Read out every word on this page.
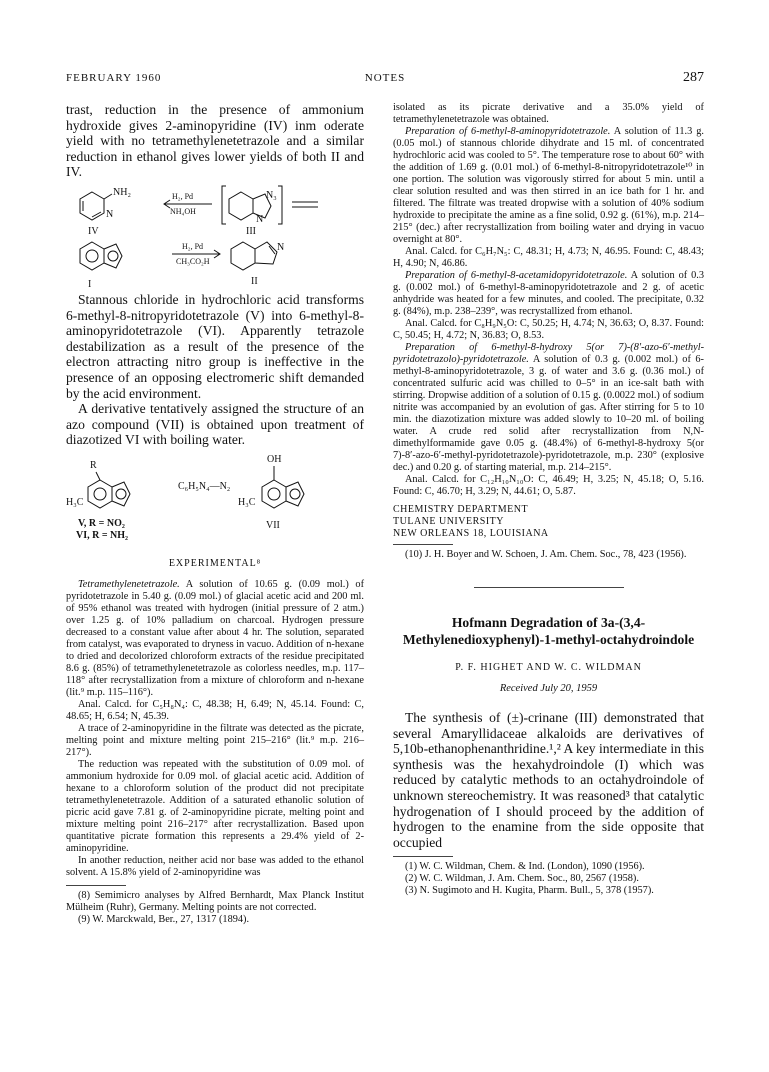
FEBRUARY 1960	NOTES	287

trast, reduction in the presence of ammonium hydroxide gives 2-aminopyridine (IV) inm oderate yield with no tetramethylenetetrazole and a similar reduction in ethanol gives lower yields of both II and IV.

NH₂
N
H₂, Pd
NH₄OH
N₃
N
IV	III
H₂, Pd
CH₃CO₂H
I	II
N

Stannous chloride in hydrochloric acid transforms 6-methyl-8-nitropyridotetrazole (V) into 6-methyl-8-aminopyridotetrazole (VI). Apparently tetrazole destabilization as a result of the presence of the electron attracting nitro group is ineffective in the presence of an opposing electromeric shift demanded by the acid environment.

A derivative tentatively assigned the structure of an azo compound (VII) is obtained upon treatment of diazotized VI with boiling water.

R
H₃C
OH
C₆H₅N₄—N₂
H₃C
V, R = NO₂
VI, R = NH₂
VII
EXPERIMENTAL⁸

Tetramethylenetetrazole. A solution of 10.65 g. (0.09 mol.) of pyridotetrazole in 5.40 g. (0.09 mol.) of glacial acetic acid and 200 ml. of 95% ethanol was treated with hydrogen (initial pressure of 2 atm.) over 1.25 g. of 10% palladium on charcoal. Hydrogen pressure decreased to a constant value after about 4 hr. The solution, separated from catalyst, was evaporated to dryness in vacuo. Addition of n-hexane to dried and decolorized chloroform extracts of the residue precipitated 8.6 g. (85%) of tetramethylenetetrazole as colorless needles, m.p. 117–118° after recrystallization from a mixture of chloroform and n-hexane (lit.⁹ m.p. 115–116°).

Anal. Calcd. for C₅H₈N₄: C, 48.38; H, 6.49; N, 45.14. Found: C, 48.65; H, 6.54; N, 45.39.

A trace of 2-aminopyridine in the filtrate was detected as the picrate, melting point and mixture melting point 215–216° (lit.⁹ m.p. 216–217°).

The reduction was repeated with the substitution of 0.09 mol. of ammonium hydroxide for 0.09 mol. of glacial acetic acid. Addition of hexane to a chloroform solution of the product did not precipitate tetramethylenetetrazole. Addition of a saturated ethanolic solution of picric acid gave 7.81 g. of 2-aminopyridine picrate, melting point and mixture melting point 216–217° after recrystallization. Based upon quantitative picrate formation this represents a 29.4% yield of 2-aminopyridine.

In another reduction, neither acid nor base was added to the ethanol solvent. A 15.8% yield of 2-aminopyridine was

(8) Semimicro analyses by Alfred Bernhardt, Max Planck Institut Mülheim (Ruhr), Germany. Melting points are not corrected.

(9) W. Marckwald, Ber., 27, 1317 (1894).

isolated as its picrate derivative and a 35.0% yield of tetramethylenetetrazole was obtained.

Preparation of 6-methyl-8-aminopyridotetrazole. A solution of 11.3 g. (0.05 mol.) of stannous chloride dihydrate and 15 ml. of concentrated hydrochloric acid was cooled to 5°. The temperature rose to about 60° with the addition of 1.69 g. (0.01 mol.) of 6-methyl-8-nitropyridotetrazole¹⁰ in one portion. The solution was vigorously stirred for about 5 min. until a clear solution resulted and was then stirred in an ice bath for 1 hr. and filtered. The filtrate was treated dropwise with a solution of 40% sodium hydroxide to precipitate the amine as a fine solid, 0.92 g. (61%), m.p. 214–215° (dec.) after recrystallization from boiling water and drying in vacuo overnight at 80°.

Anal. Calcd. for C₆H₇N₅: C, 48.31; H, 4.73; N, 46.95. Found: C, 48.43; H, 4.90; N, 46.86.

Preparation of 6-methyl-8-acetamidopyridotetrazole. A solution of 0.3 g. (0.002 mol.) of 6-methyl-8-aminopyridotetrazole and 2 g. of acetic anhydride was heated for a few minutes, and cooled. The precipitate, 0.32 g. (84%), m.p. 238–239°, was recrystallized from ethanol.

Anal. Calcd. for C₈H₉N₅O: C, 50.25; H, 4.74; N, 36.63; O, 8.37. Found: C, 50.45; H, 4.72; N, 36.83; O, 8.53.

Preparation of 6-methyl-8-hydroxy 5(or 7)-(8′-azo-6′-methyl-pyridotetrazolo)-pyridotetrazole. A solution of 0.3 g. (0.002 mol.) of 6-methyl-8-aminopyridotetrazole, 3 g. of water and 3.6 g. (0.36 mol.) of concentrated sulfuric acid was chilled to 0–5° in an ice-salt bath with stirring. Dropwise addition of a solution of 0.15 g. (0.0022 mol.) of sodium nitrite was accompanied by an evolution of gas. After stirring for 5 to 10 min. the diazotization mixture was added slowly to 10–20 ml. of boiling water. A crude red solid after recrystallization from N,N-dimethylformamide gave 0.05 g. (48.4%) of 6-methyl-8-hydroxy 5(or 7)-8′-azo-6′-methyl-pyridotetrazole)-pyridotetrazole, m.p. 230° (explosive dec.) and 0.20 g. of starting material, m.p. 214–215°.

Anal. Calcd. for C₁₂H₁₀N₁₀O: C, 46.49; H, 3.25; N, 45.18; O, 5.16. Found: C, 46.70; H, 3.29; N, 44.61; O, 5.87.

CHEMISTRY DEPARTMENT
TULANE UNIVERSITY
NEW ORLEANS 18, LOUISIANA

(10) J. H. Boyer and W. Schoen, J. Am. Chem. Soc., 78, 423 (1956).

Hofmann Degradation of 3a-(3,4-Methylenedioxyphenyl)-1-methyl-octahydroindole
P. F. HIGHET AND W. C. WILDMAN
Received July 20, 1959

The synthesis of (±)-crinane (III) demonstrated that several Amaryllidaceae alkaloids are derivatives of 5,10b-ethanophenanthridine.¹,² A key intermediate in this synthesis was the hexahydroindole (I) which was reduced by catalytic methods to an octahydroindole of unknown stereochemistry. It was reasoned³ that catalytic hydrogenation of I should proceed by the addition of hydrogen to the enamine from the side opposite that occupied

(1) W. C. Wildman, Chem. & Ind. (London), 1090 (1956).

(2) W. C. Wildman, J. Am. Chem. Soc., 80, 2567 (1958).

(3) N. Sugimoto and H. Kugita, Pharm. Bull., 5, 378 (1957).
